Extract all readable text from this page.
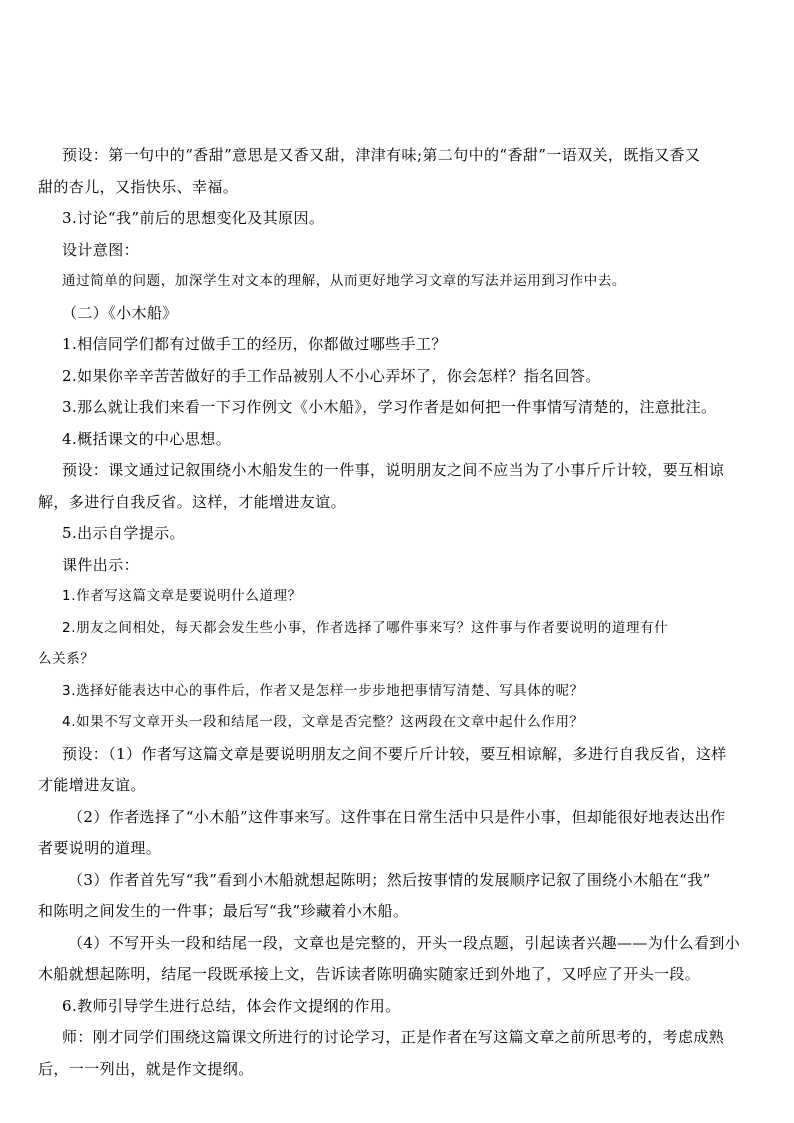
预设：第一句中的“香甜”意思是又香又甜，津津有味;第二句中的“香甜”一语双关，既指又香又
甜的杏儿，又指快乐、幸福。
3.讨论“我”前后的思想变化及其原因。
设计意图：
通过简单的问题，加深学生对文本的理解，从而更好地学习文章的写法并运用到习作中去。
（二）《小木船》
1.相信同学们都有过做手工的经历，你都做过哪些手工？
2.如果你辛辛苦苦做好的手工作品被别人不小心弄坏了，你会怎样？指名回答。
3.那么就让我们来看一下习作例文《小木船》，学习作者是如何把一件事情写清楚的，注意批注。
4.概括课文的中心思想。
预设：课文通过记叙围绕小木船发生的一件事，说明朋友之间不应当为了小事斤斤计较，要互相谅
解，多进行自我反省。这样，才能增进友谊。
5.出示自学提示。
课件出示：
1.作者写这篇文章是要说明什么道理？
2.朋友之间相处，每天都会发生些小事，作者选择了哪件事来写？这件事与作者要说明的道理有什
么关系？
3.选择好能表达中心的事件后，作者又是怎样一步步地把事情写清楚、写具体的呢？
4.如果不写文章开头一段和结尾一段，文章是否完整？这两段在文章中起什么作用？
预设：（1）作者写这篇文章是要说明朋友之间不要斤斤计较，要互相谅解，多进行自我反省，这样
才能增进友谊。
（2）作者选择了“小木船”这件事来写。这件事在日常生活中只是件小事，但却能很好地表达出作
者要说明的道理。
（3）作者首先写“我”看到小木船就想起陈明；然后按事情的发展顺序记叙了围绕小木船在“我”
和陈明之间发生的一件事；最后写“我”珍藏着小木船。
（4）不写开头一段和结尾一段，文章也是完整的，开头一段点题，引起读者兴趣——为什么看到小
木船就想起陈明，结尾一段既承接上文，告诉读者陈明确实随家迁到外地了，又呼应了开头一段。
6.教师引导学生进行总结，体会作文提纲的作用。
师：刚才同学们围绕这篇课文所进行的讨论学习，正是作者在写这篇文章之前所思考的，考虑成熟
后，一一列出，就是作文提纲。
